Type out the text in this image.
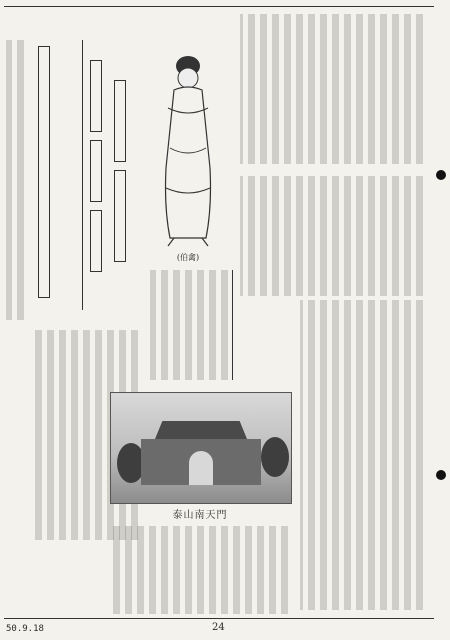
(伯禽)
泰山南天門
24
50.9.18
